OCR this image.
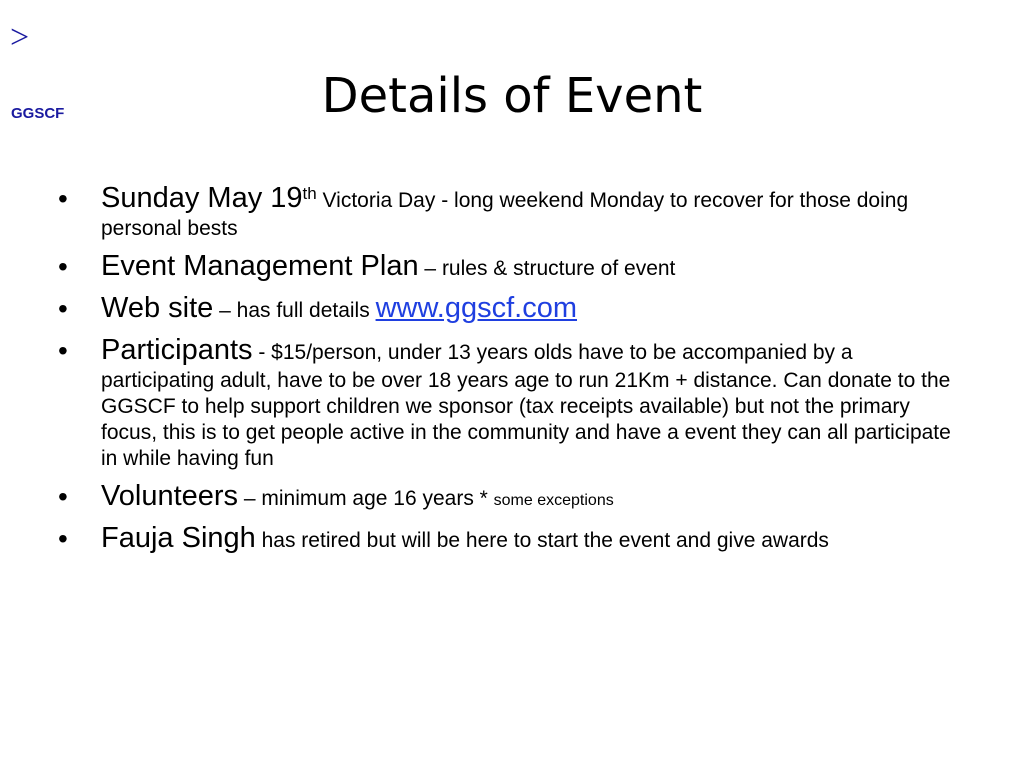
>
GGSCF	Details of Event
• Sunday May 19th Victoria Day - long weekend Monday to recover for those doing personal bests
• Event Management Plan – rules & structure of event
• Web site – has full details www.ggscf.com
• Participants - $15/person, under 13 years olds have to be accompanied by a participating adult, have to be over 18 years age to run 21Km + distance. Can donate to the GGSCF to help support children we sponsor (tax receipts available) but not the primary focus, this is to get people active in the community and have a event they can all participate in while having fun
• Volunteers – minimum age 16 years * some exceptions
• Fauja Singh has retired but will be here to start the event and give awards
